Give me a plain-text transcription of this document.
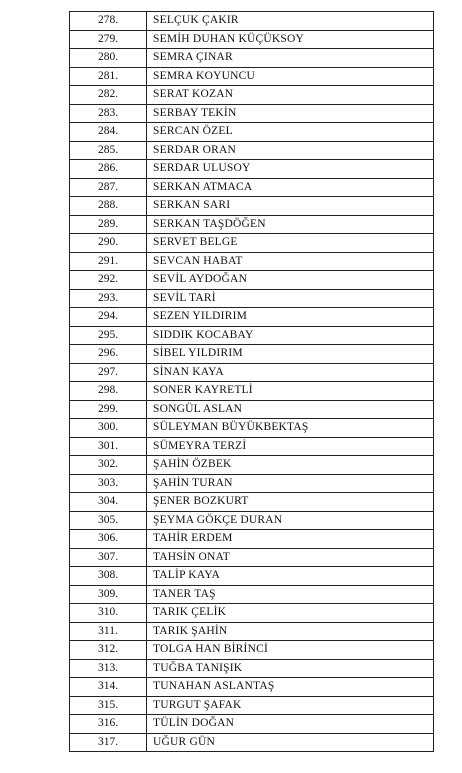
278.	SELÇUK ÇAKIR
279.	SEMİH DUHAN KÜÇÜKSOY
280.	SEMRA ÇINAR
281.	SEMRA KOYUNCU
282.	SERAT KOZAN
283.	SERBAY TEKİN
284.	SERCAN ÖZEL
285.	SERDAR ORAN
286.	SERDAR ULUSOY
287.	SERKAN ATMACA
288.	SERKAN SARI
289.	SERKAN TAŞDÖĞEN
290.	SERVET BELGE
291.	SEVCAN HABAT
292.	SEVİL AYDOĞAN
293.	SEVİL TARİ
294.	SEZEN YILDIRIM
295.	SIDDIK KOCABAY
296.	SİBEL YILDIRIM
297.	SİNAN KAYA
298.	SONER KAYRETLİ
299.	SONGÜL ASLAN
300.	SÜLEYMAN BÜYÜKBEKTAŞ
301.	SÜMEYRA TERZİ
302.	ŞAHİN ÖZBEK
303.	ŞAHİN TURAN
304.	ŞENER BOZKURT
305.	ŞEYMA GÖKÇE DURAN
306.	TAHİR ERDEM
307.	TAHSİN ONAT
308.	TALİP KAYA
309.	TANER TAŞ
310.	TARIK ÇELİK
311.	TARIK ŞAHİN
312.	TOLGA HAN BİRİNCİ
313.	TUĞBA TANIŞIK
314.	TUNAHAN ASLANTAŞ
315.	TURGUT ŞAFAK
316.	TÜLİN DOĞAN
317.	UĞUR GÜN
